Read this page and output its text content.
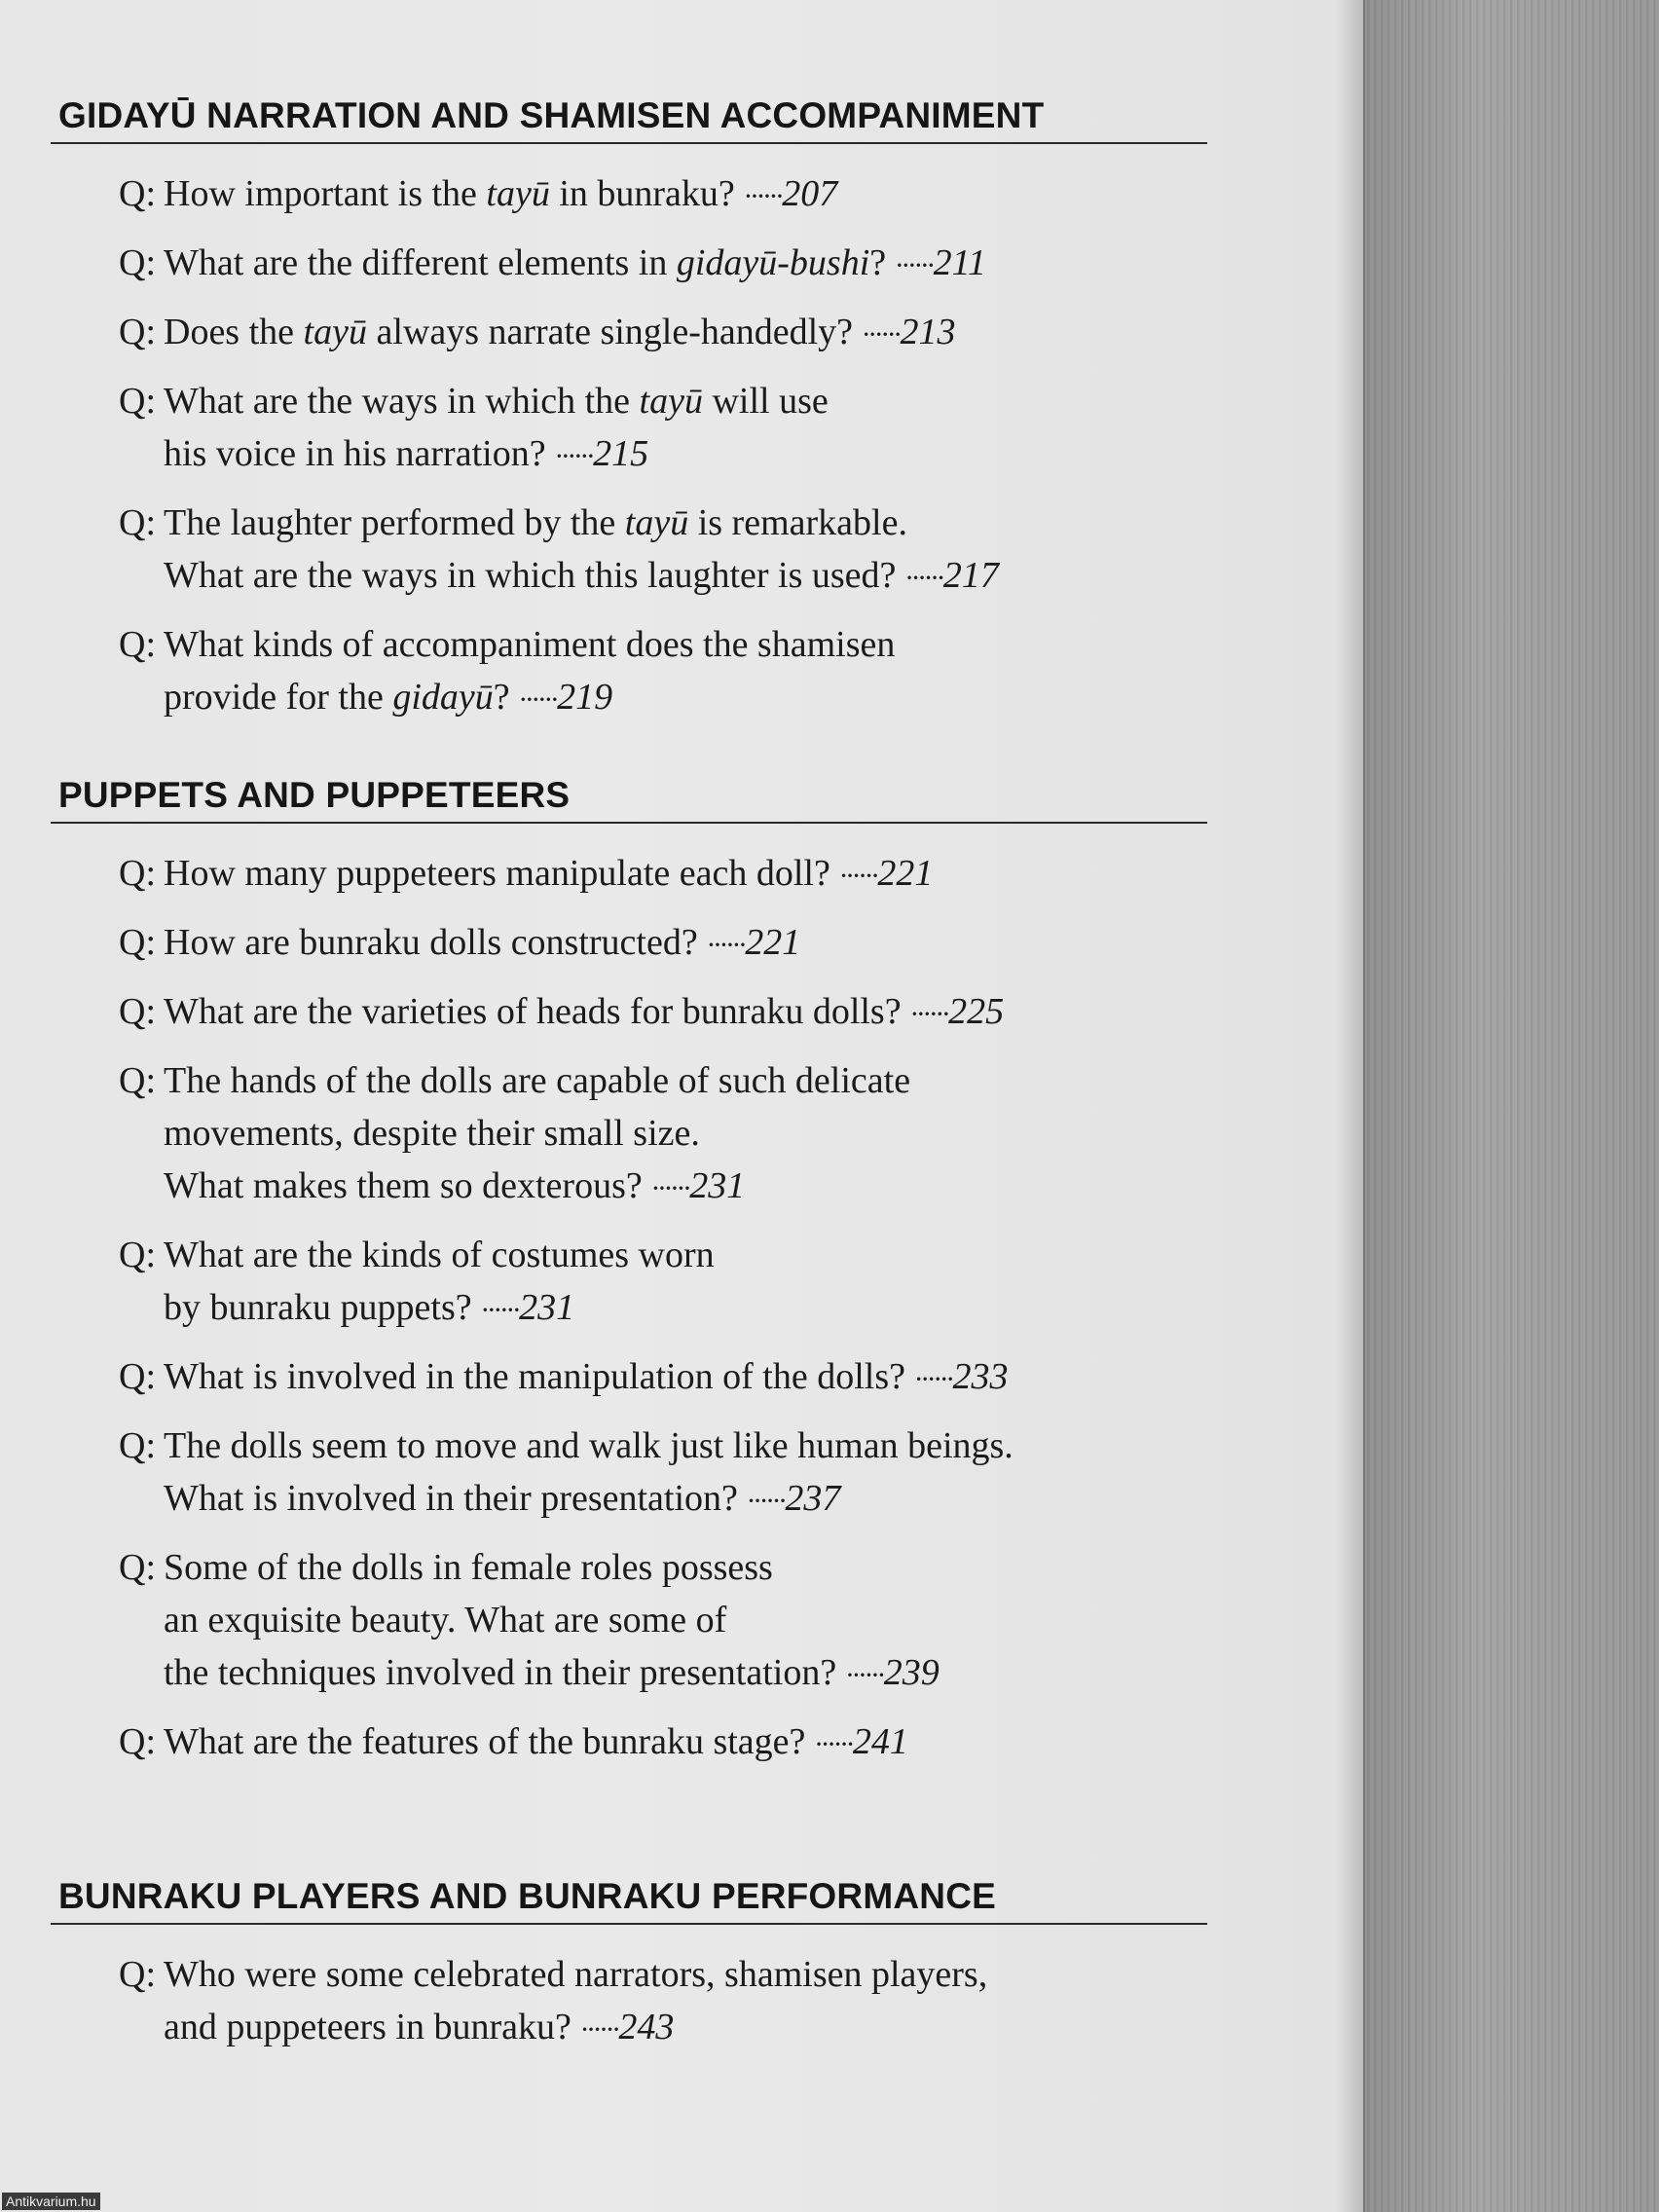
GIDAYŪ NARRATION AND SHAMISEN ACCOMPANIMENT
Q: How important is the tayū in bunraku? ······207
Q: What are the different elements in gidayū-bushi? ······211
Q: Does the tayū always narrate single-handedly? ······213
Q: What are the ways in which the tayū will use
his voice in his narration? ······215
Q: The laughter performed by the tayū is remarkable.
What are the ways in which this laughter is used? ······217
Q: What kinds of accompaniment does the shamisen
provide for the gidayū? ······219
PUPPETS AND PUPPETEERS
Q: How many puppeteers manipulate each doll? ······221
Q: How are bunraku dolls constructed? ······221
Q: What are the varieties of heads for bunraku dolls? ······225
Q: The hands of the dolls are capable of such delicate
movements, despite their small size.
What makes them so dexterous? ······231
Q: What are the kinds of costumes worn
by bunraku puppets? ······231
Q: What is involved in the manipulation of the dolls? ······233
Q: The dolls seem to move and walk just like human beings.
What is involved in their presentation? ······237
Q: Some of the dolls in female roles possess
an exquisite beauty. What are some of
the techniques involved in their presentation? ······239
Q: What are the features of the bunraku stage? ······241
BUNRAKU PLAYERS AND BUNRAKU PERFORMANCE
Q: Who were some celebrated narrators, shamisen players,
and puppeteers in bunraku? ······243
Antikvarium.hu
